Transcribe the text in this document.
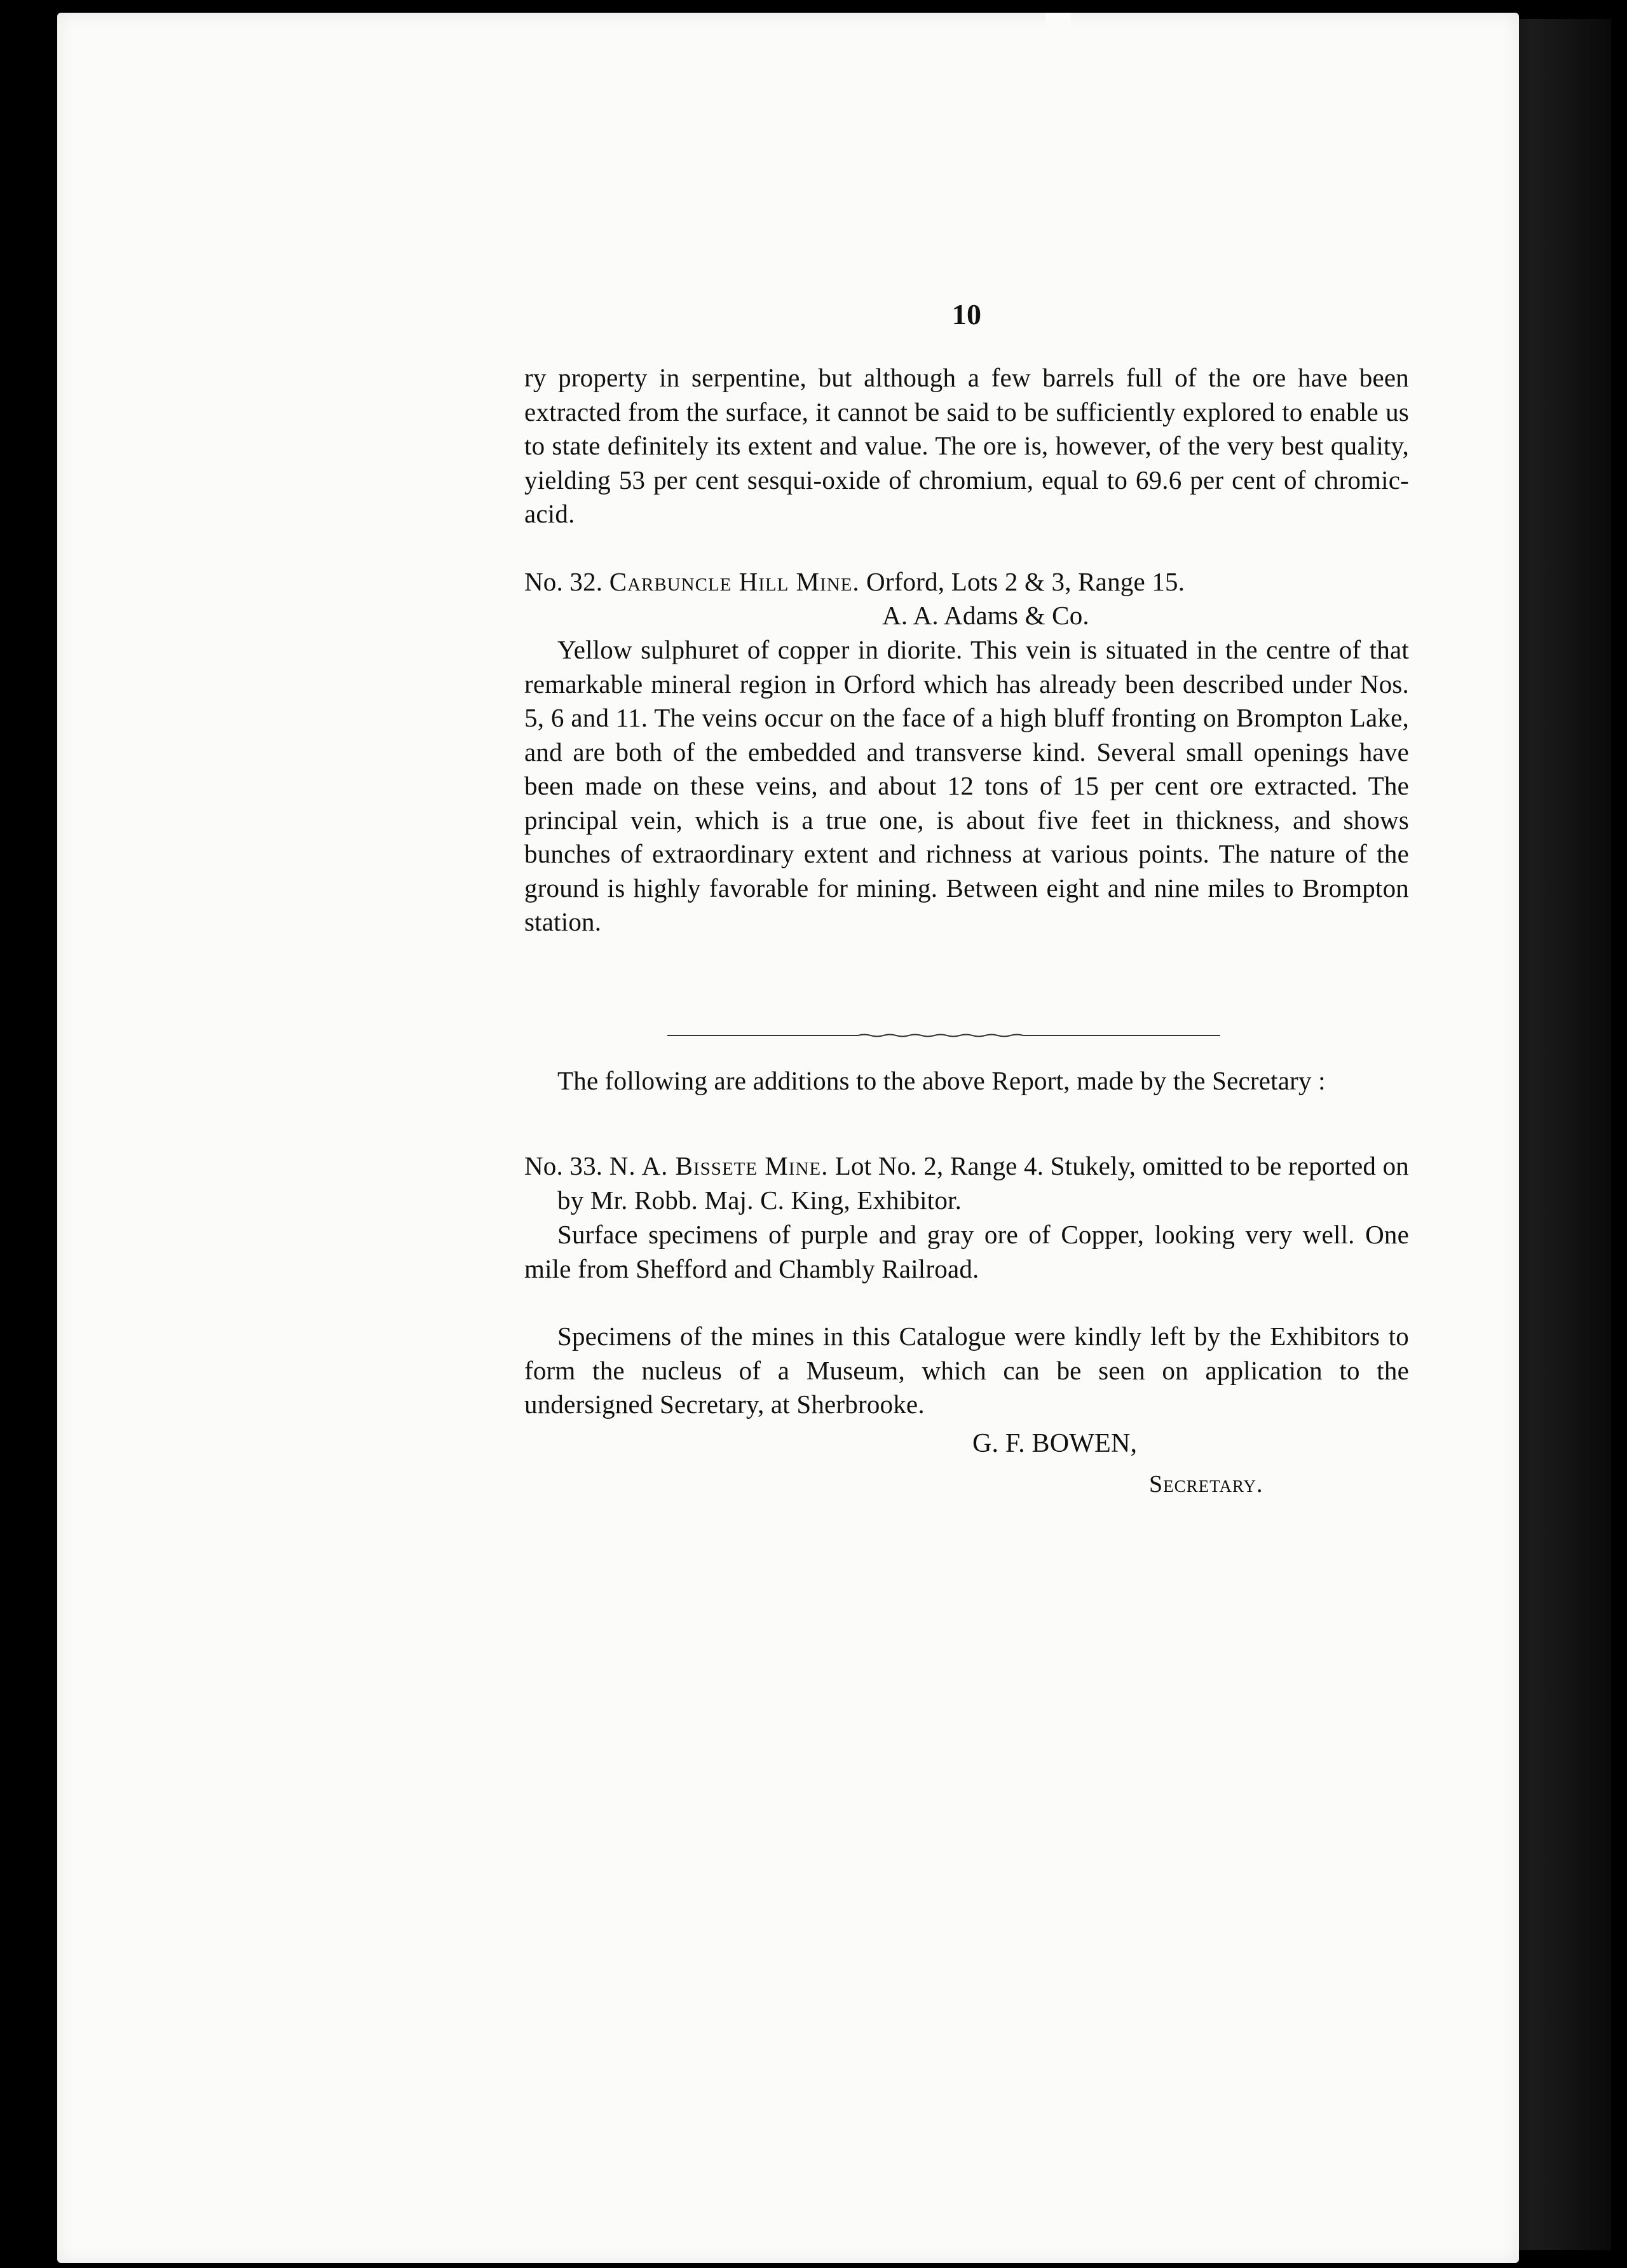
10

ry property in serpentine, but although a few barrels full of the ore have been extracted from the surface, it cannot be said to be sufficiently explored to enable us to state definitely its extent and value. The ore is, however, of the very best quality, yielding 53 per cent sesqui-oxide of chromium, equal to 69.6 per cent of chromic-acid.

No. 32. Carbuncle Hill Mine. Orford, Lots 2 & 3, Range 15.

A. A. Adams & Co.

Yellow sulphuret of copper in diorite. This vein is situated in the centre of that remarkable mineral region in Orford which has already been described under Nos. 5, 6 and 11. The veins occur on the face of a high bluff fronting on Brompton Lake, and are both of the embedded and transverse kind. Several small openings have been made on these veins, and about 12 tons of 15 per cent ore extracted. The principal vein, which is a true one, is about five feet in thickness, and shows bunches of extraordinary extent and richness at various points. The nature of the ground is highly favorable for mining. Between eight and nine miles to Brompton station.

The following are additions to the above Report, made by the Secretary :

No. 33. N. A. Bissete Mine. Lot No. 2, Range 4. Stukely, omitted to be reported on by Mr. Robb. Maj. C. King, Exhibitor.

Surface specimens of purple and gray ore of Copper, looking very well. One mile from Shefford and Chambly Railroad.

Specimens of the mines in this Catalogue were kindly left by the Exhibitors to form the nucleus of a Museum, which can be seen on application to the undersigned Secretary, at Sherbrooke.

G. F. BOWEN,
Secretary.
